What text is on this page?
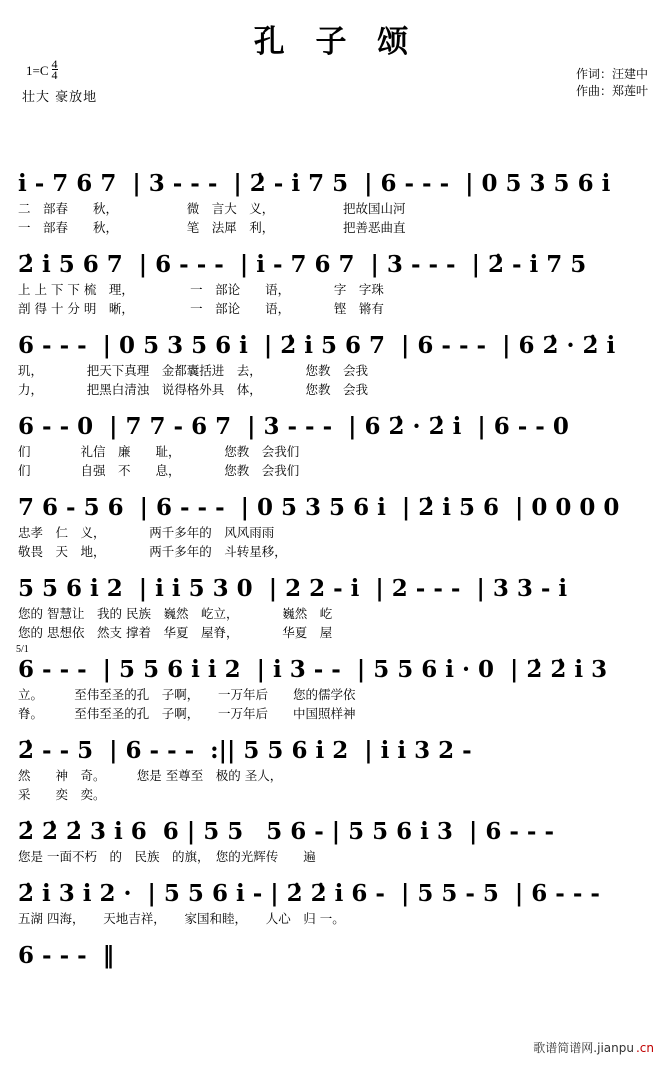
孔 子 颂
$1=C \frac{4}{4}$
壮大 豪放地
作词：汪建中
作曲：郑莲叶
i - 7 6 7  | 3 - - -  | 2̇ - i 7 5  | 6 - - -  | 0 5 3 5 6 i
二　部春　　秋，　　　　　　微　言大　义，　　　　　　把故国山河
一　部春　　秋，　　　　　　笔　法犀　利，　　　　　　把善恶曲直
2̇ i 5 6 7  | 6 - - -  | i - 7 6 7  | 3 - - -  | 2̇ - i 7 5
上 上 下 下 梳　理，　　　　　一　部论　　语，　　　　字　字珠
剖 得 十 分 明　晰，　　　　　一　部论　　语，　　　　铿　锵有
6 - - -  | 0 5 3 5 6 i  | 2̇ i 5 6 7  | 6 - - -  | 6 2̇ · 2̇ i
玑，　　　　把天下真理　金都囊括进　去，　　　　您教　会我
力，　　　　把黑白清浊　说得格外具　体，　　　　您教　会我
6 - - 0  | 7 7 - 6 7  | 3 - - -  | 6 2̇ · 2̇ i  | 6 - - 0
们　　　　礼信　廉　　耻，　　　　您教　会我们
们　　　　自强　不　　息，　　　　您教　会我们
7 6 - 5 6  | 6 - - -  | 0 5 3 5 6 i  | 2̇ i 5 6  | 0 0 0 0
忠孝　仁　义，　　　　两千多年的　风风雨雨
敬畏　天　地，　　　　两千多年的　斗转星移，
5 5 6 i 2  | i i 5 3 0  | 2 2 - i  | 2 - - -  | 3 3 - i
您的 智慧让　我的 民族　巍然　屹立，　　　　巍然　屹
您的 思想依　然支 撑着　华夏　屋脊，　　　　华夏　屋
5/1
6 - - -  | 5 5 6 i i 2  | i 3 - -  | 5 5 6 i · 0  | 2̇ 2̇ i 3
立。　　　至伟至圣的孔　子啊，　　一万年后　　您的儒学依
脊。　　　至伟至圣的孔　子啊，　　一万年后　　中国照样神
2̇ - - 5  | 6 - - -  :|| 5 5 6 i 2  | i i 3 2 -
然　　神　奇。　　　您是 至尊至　极的 圣人，
采　　奕　奕。
2̇ 2̇ 2̇ 3 i 6  6 | 5 5　5 6 - | 5 5 6 i 3  | 6 - - -
您是 一面不朽　的　民族　的旗，　您的光辉传　　遍
2̇ i 3 i 2 ·  | 5 5 6 i - | 2̇ 2̇ i 6 -  | 5 5 - 5  | 6 - - -
五湖 四海，　　天地吉祥，　　家国和睦，　　人心　归 一。
6 - - -  ‖
歌谱简谱网.jianpu .cn
